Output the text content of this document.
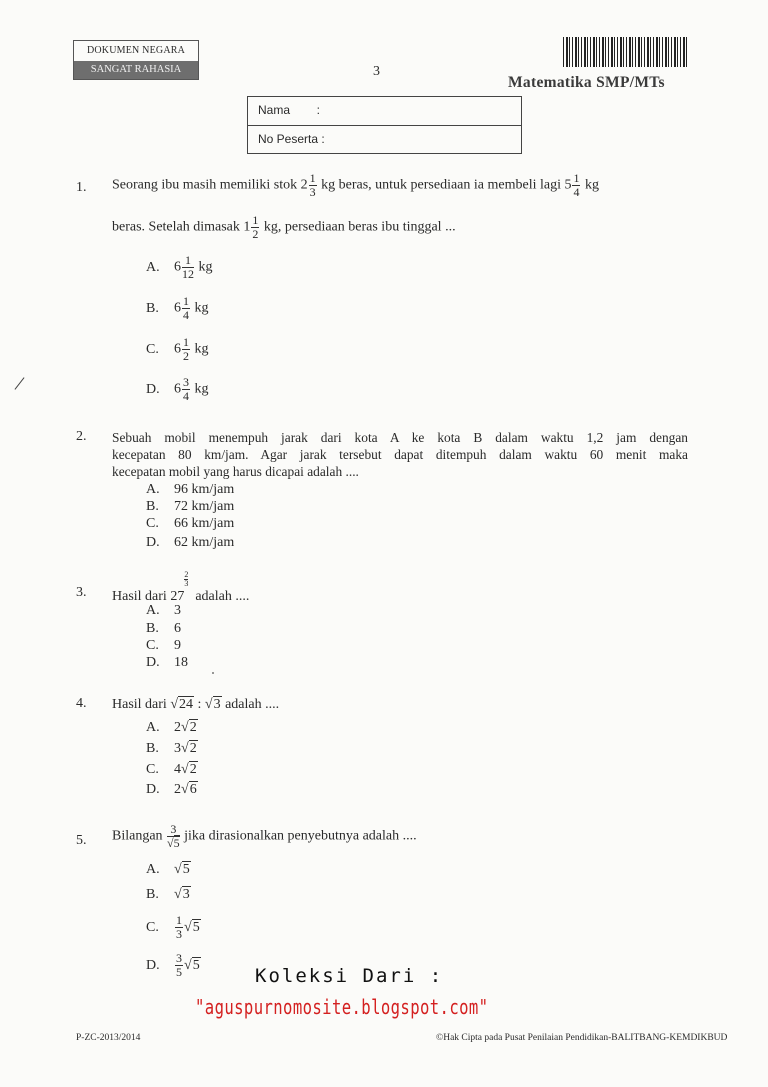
DOKUMEN NEGARA
SANGAT RAHASIA	3
Matematika SMP/MTs
Nama        :
No Peserta :
1. Seorang ibu masih memiliki stok $2 \frac{1}{3}$ kg beras, untuk persediaan ia membeli lagi $5 \frac{1}{4}$ kg
beras. Setelah dimasak $1 \frac{1}{2}$ kg, persediaan beras ibu tinggal ...
A. $6 \frac{1}{12}$ kg
B. $6 \frac{1}{4}$ kg
C. $6 \frac{1}{2}$ kg
D. $6 \frac{3}{4}$ kg
2. Sebuah mobil menempuh jarak dari kota A ke kota B dalam waktu 1,2 jam dengan
kecepatan 80 km/jam. Agar jarak tersebut dapat ditempuh dalam waktu 60 menit maka
kecepatan mobil yang harus dicapai adalah ....
A. 96 km/jam
B. 72 km/jam
C. 66 km/jam
D. 62 km/jam
3. Hasil dari 27
$\frac{2}{3}$  adalah ....
A. 3
B. 6
C. 9
D. 18
4. Hasil dari √24 : √3 adalah ....
A. 2√2
B. 3√2
C. 4√2
D. 2√6
5. Bilangan $\frac{3}{√5}$ jika dirasionalkan penyebutnya adalah ....
A. √5
B. √3
C. $\frac{1}{3} √5$
D. $\frac{3}{5} √5$	Koleksi Dari :
"aguspurnomosite.blogspot.com"
P-ZC-2013/2014	©Hak Cipta pada Pusat Penilaian Pendidikan-BALITBANG-KEMDIKBUD
